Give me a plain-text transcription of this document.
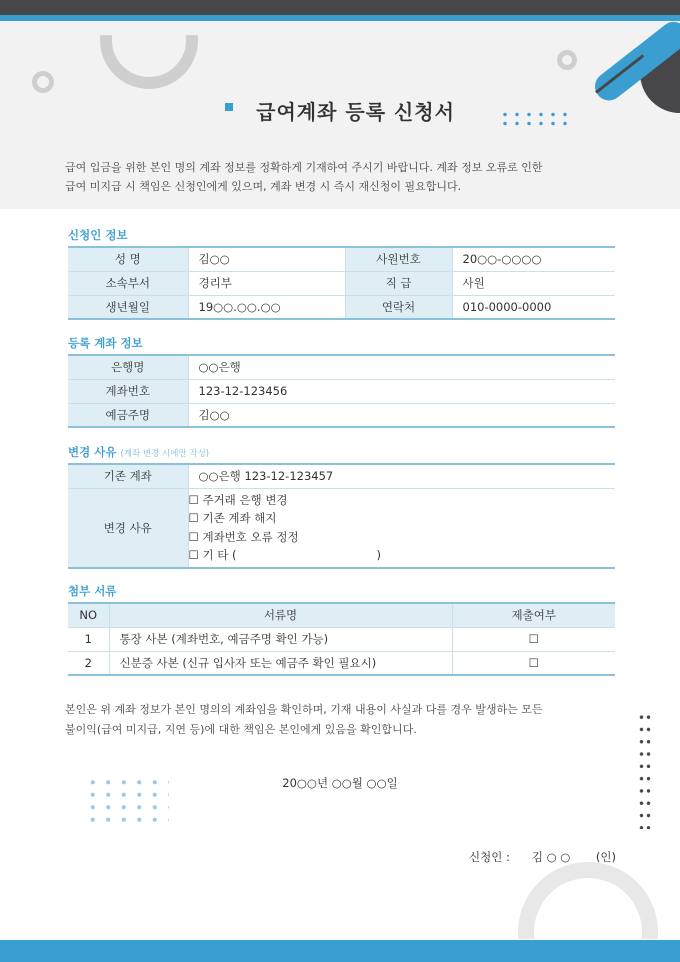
급여계좌 등록 신청서
급여 입금을 위한 본인 명의 계좌 정보를 정확하게 기재하여 주시기 바랍니다. 계좌 정보 오류로 인한
급여 미지급 시 책임은 신청인에게 있으며, 계좌 변경 시 즉시 재신청이 필요합니다.
신청인 정보
성 명	김○○	사원번호	20○○-○○○○
소속부서	경리부	직 급	사원
생년월일	19○○.○○.○○	연락처	010-0000-0000
등록 계좌 정보
은행명	○○은행
계좌번호	123-12-123456
예금주명	김○○
변경 사유 (계좌 변경 시에만 작성)
기존 계좌	○○은행 123-12-123457
변경 사유	☐ 주거래 은행 변경
☐ 기존 계좌 해지
☐ 계좌번호 오류 정정
☐ 기 타 ( )
첨부 서류
NO	서류명	제출여부
1	통장 사본 (계좌번호, 예금주명 확인 가능)	☐
2	신분증 사본 (신규 입사자 또는 예금주 확인 필요시)	☐
본인은 위 계좌 정보가 본인 명의의 계좌임을 확인하며, 기재 내용이 사실과 다를 경우 발생하는 모든
불이익(급여 미지급, 지연 등)에 대한 책임은 본인에게 있음을 확인합니다.
20○○년 ○○월 ○○일
신청인 : 김 ○ ○ (인)
